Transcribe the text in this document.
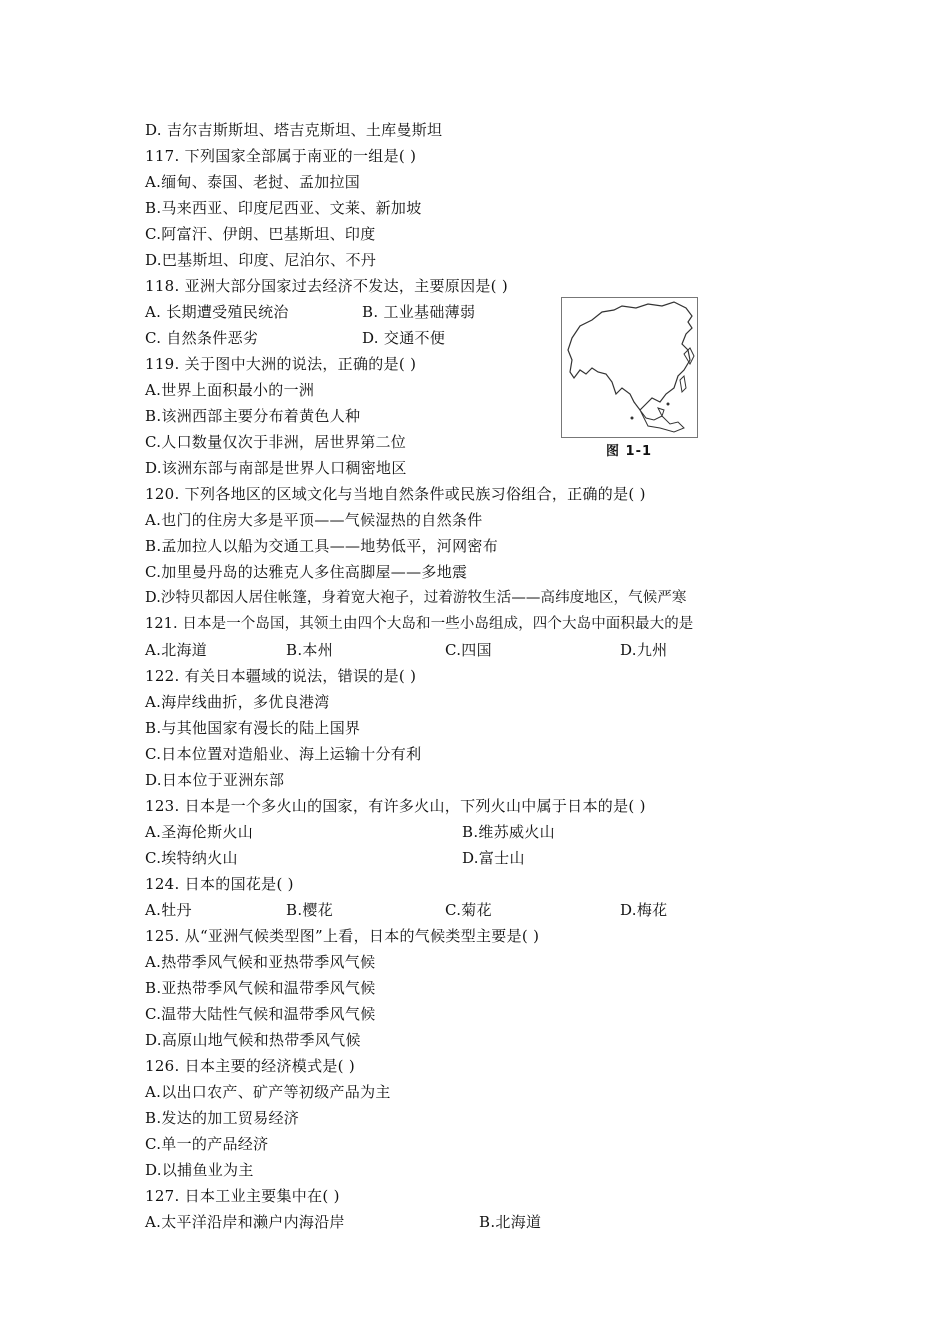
D. 吉尔吉斯斯坦、塔吉克斯坦、土库曼斯坦
117. 下列国家全部属于南亚的一组是( )
A.缅甸、泰国、老挝、孟加拉国
B.马来西亚、印度尼西亚、文莱、新加坡
C.阿富汗、伊朗、巴基斯坦、印度
D.巴基斯坦、印度、尼泊尔、不丹
118. 亚洲大部分国家过去经济不发达，主要原因是( )
A. 长期遭受殖民统治	B. 工业基础薄弱
C. 自然条件恶劣	D. 交通不便
119. 关于图中大洲的说法，正确的是( )
A.世界上面积最小的一洲
B.该洲西部主要分布着黄色人种
C.人口数量仅次于非洲，居世界第二位
D.该洲东部与南部是世界人口稠密地区
120. 下列各地区的区域文化与当地自然条件或民族习俗组合，正确的是( )
A.也门的住房大多是平顶——气候湿热的自然条件
B.孟加拉人以船为交通工具——地势低平，河网密布
C.加里曼丹岛的达雅克人多住高脚屋——多地震
D.沙特贝都因人居住帐篷，身着宽大袍子，过着游牧生活——高纬度地区，气候严寒
121. 日本是一个岛国，其领土由四个大岛和一些小岛组成，四个大岛中面积最大的是
A.北海道	B.本州	C.四国	D.九州
122. 有关日本疆域的说法，错误的是( )
A.海岸线曲折，多优良港湾
B.与其他国家有漫长的陆上国界
C.日本位置对造船业、海上运输十分有利
D.日本位于亚洲东部
123. 日本是一个多火山的国家，有许多火山，下列火山中属于日本的是( )
A.圣海伦斯火山	B.维苏威火山
C.埃特纳火山	D.富士山
124. 日本的国花是( )
A.牡丹	B.樱花	C.菊花	D.梅花
125. 从“亚洲气候类型图”上看，日本的气候类型主要是( )
A.热带季风气候和亚热带季风气候
B.亚热带季风气候和温带季风气候
C.温带大陆性气候和温带季风气候
D.高原山地气候和热带季风气候
126. 日本主要的经济模式是( )
A.以出口农产、矿产等初级产品为主
B.发达的加工贸易经济
C.单一的产品经济
D.以捕鱼业为主
127. 日本工业主要集中在( )
A.太平洋沿岸和濑户内海沿岸	B.北海道
图 1-1
